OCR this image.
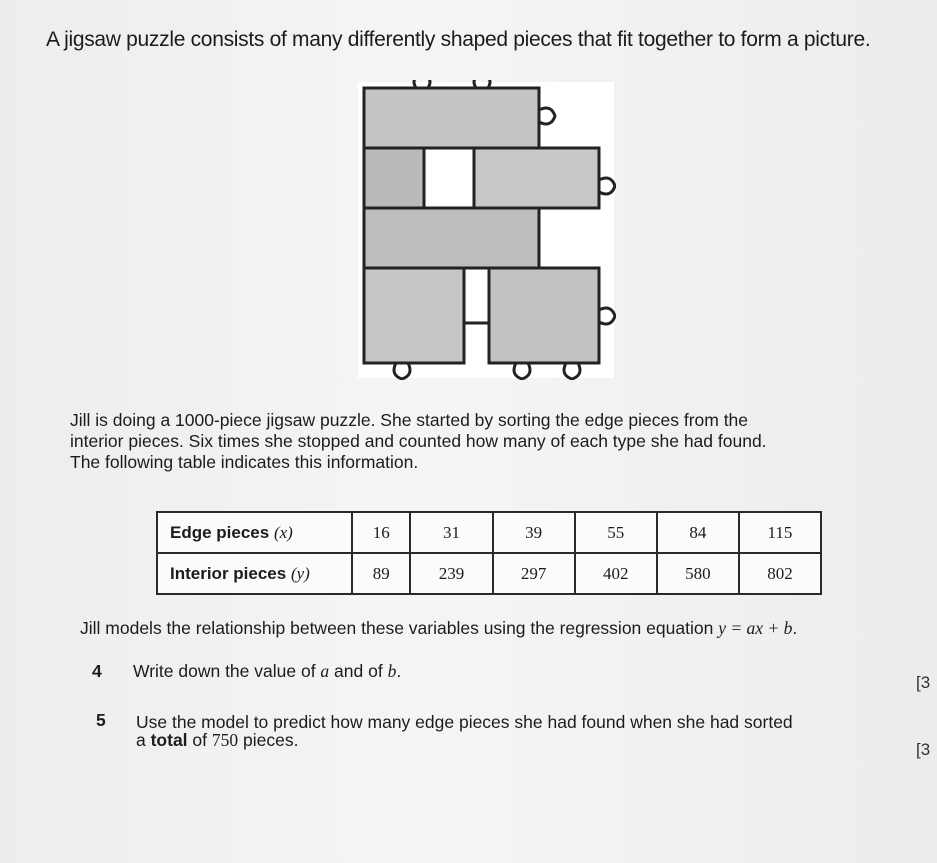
A jigsaw puzzle consists of many differently shaped pieces that fit together to form a picture.
Jill is doing a 1000-piece jigsaw puzzle. She started by sorting the edge pieces from the
interior pieces. Six times she stopped and counted how many of each type she had found.
The following table indicates this information.
Edge pieces (x)	16	31	39	55	84	115
Interior pieces (y)	89	239	297	402	580	802
Jill models the relationship between these variables using the regression equation y = ax + b.
4 Write down the value of a and of b.
[3
5 Use the model to predict how many edge pieces she had found when she had sorted
a total of 750 pieces.	[3
